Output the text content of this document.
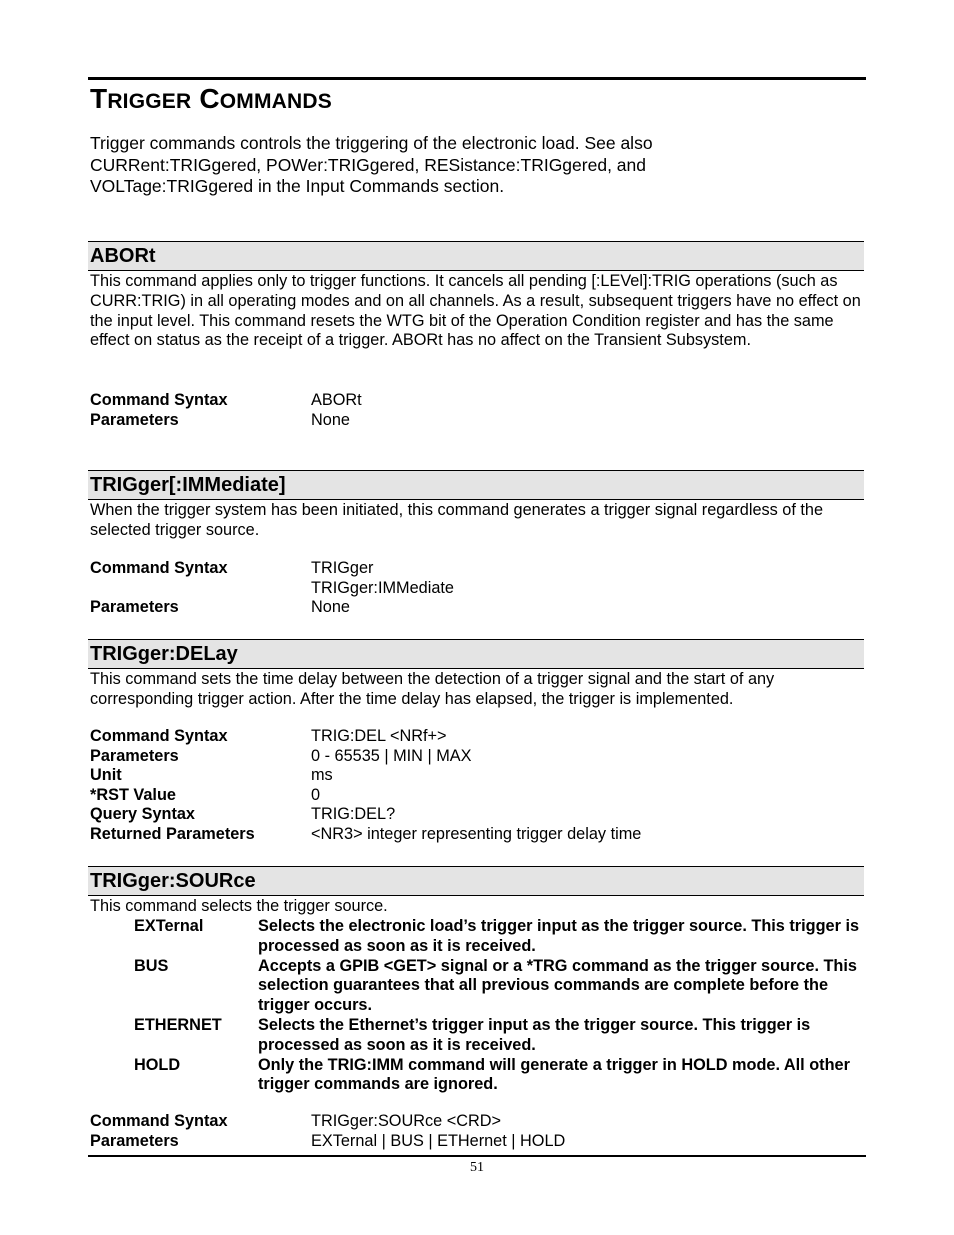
TRIGGER COMMANDS
Trigger commands controls the triggering of the electronic load. See also CURRent:TRIGgered, POWer:TRIGgered, RESistance:TRIGgered, and VOLTage:TRIGgered in the Input Commands section.
ABORt
This command applies only to trigger functions. It cancels all pending [:LEVel]:TRIG operations (such as CURR:TRIG) in all operating modes and on all channels. As a result, subsequent triggers have no effect on the input level. This command resets the WTG bit of the Operation Condition register and has the same effect on status as the receipt of a trigger. ABORt has no affect on the Transient Subsystem.
Command Syntax	ABORt
Parameters	None
TRIGger[:IMMediate]
When the trigger system has been initiated, this command generates a trigger signal regardless of the selected trigger source.
Command Syntax	TRIGger
TRIGger:IMMediate
Parameters	None
TRIGger:DELay
This command sets the time delay between the detection of a trigger signal and the start of any corresponding trigger action. After the time delay has elapsed, the trigger is implemented.
Command Syntax	TRIG:DEL <NRf+>
Parameters	0 - 65535 | MIN | MAX
Unit	ms
*RST Value	0
Query Syntax	TRIG:DEL?
Returned Parameters	<NR3> integer representing trigger delay time
TRIGger:SOURce
This command selects the trigger source.
EXTernal	Selects the electronic load’s trigger input as the trigger source. This trigger is processed as soon as it is received.
BUS	Accepts a GPIB <GET> signal or a *TRG command as the trigger source. This selection guarantees that all previous commands are complete before the trigger occurs.
ETHERNET Selects the Ethernet’s trigger input as the trigger source. This trigger is processed as soon as it is received.
HOLD	Only the TRIG:IMM command will generate a trigger in HOLD mode. All other trigger commands are ignored.
Command Syntax	TRIGger:SOURce <CRD>
Parameters	EXTernal | BUS | ETHernet | HOLD
51
